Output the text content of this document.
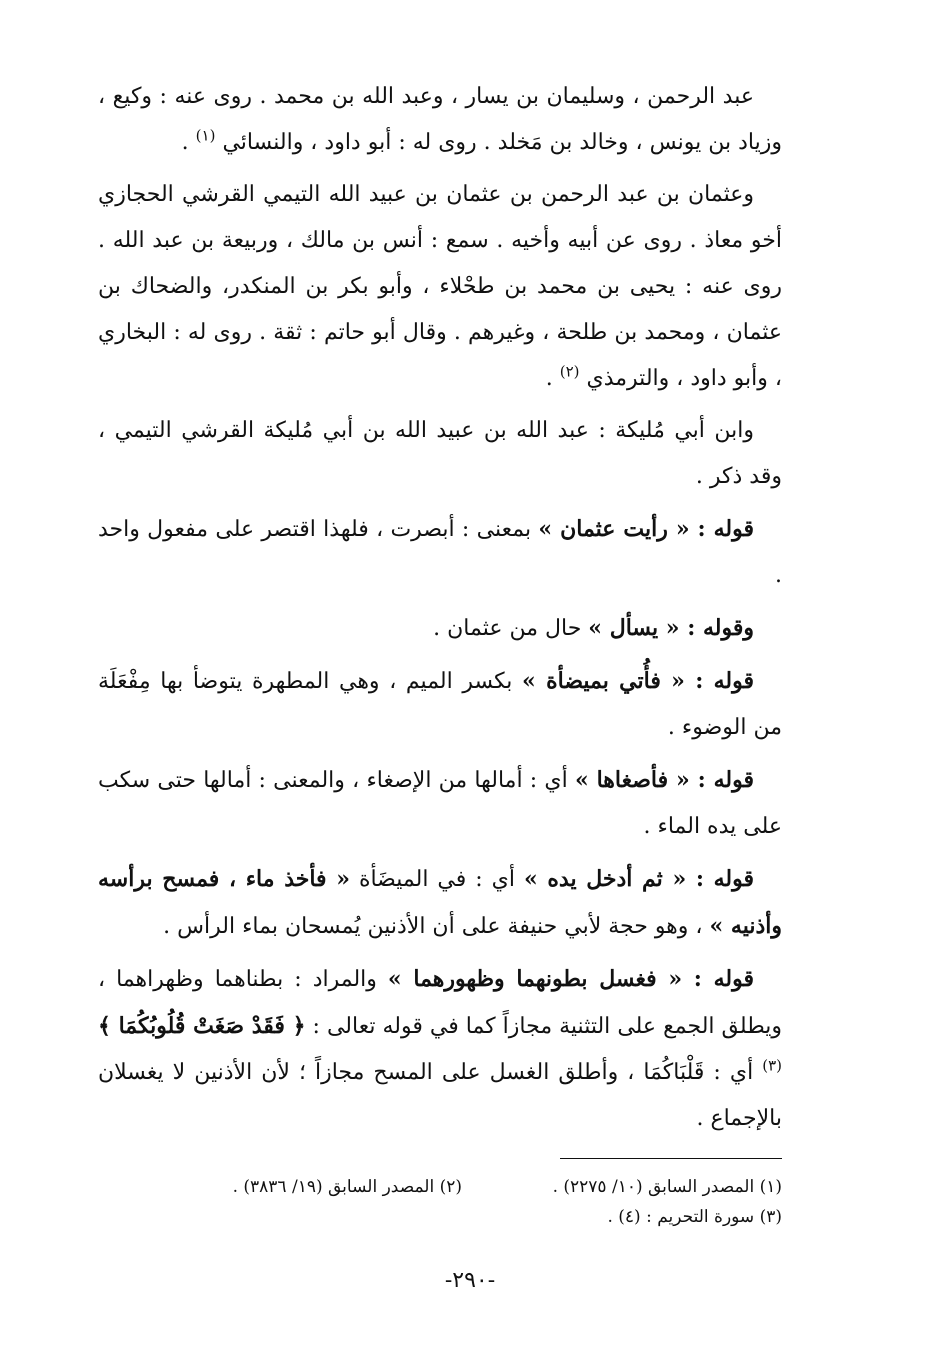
عبد الرحمن ، وسليمان بن يسار ، وعبد الله بن محمد . روى عنه : وكيع ، وزياد بن يونس ، وخالد بن مَخلد . روى له : أبو داود ، والنسائي $^{(١)}$ .

وعثمان بن عبد الرحمن بن عثمان بن عبيد الله التيمي القرشي الحجازي أخو معاذ . روى عن أبيه وأخيه . سمع : أنس بن مالك ، وربيعة بن عبد الله . روى عنه : يحيى بن محمد بن طحْلاء ، وأبو بكر بن المنكدر، والضحاك بن عثمان ، ومحمد بن طلحة ، وغيرهم . وقال أبو حاتم : ثقة . روى له : البخاري ، وأبو داود ، والترمذي $^{(٢)}$ .

وابن أبي مُليكة : عبد الله بن عبيد الله بن أبي مُليكة القرشي التيمي ، وقد ذكر .

قوله : « رأيت عثمان » بمعنى : أبصرت ، فلهذا اقتصر على مفعول واحد .

وقوله : « يسأل » حال من عثمان .

قوله : « فأُتي بميضأة » بكسر الميم ، وهي المطهرة يتوضأ بها مِفْعَلَة من الوضوء .

قوله : « فأصغاها » أي : أمالها من الإصغاء ، والمعنى : أمالها حتى سكب على يده الماء .

قوله : « ثم أدخل يده » أي : في الميضَأة « فأخذ ماء ، فمسح برأسه وأذنيه » ، وهو حجة لأبي حنيفة على أن الأذنين يُمسحان بماء الرأس .

قوله : « فغسل بطونهما وظهورهما » والمراد : بطناهما وظهراهما ، ويطلق الجمع على التثنية مجازاً كما في قوله تعالى : ﴿ فَقَدْ صَغَتْ قُلُوبُكُمَا ﴾ $^{(٣)}$ أي : قَلْبَاكُمَا ، وأطلق الغسل على المسح مجازاً ؛ لأن الأذنين لا يغسلان بالإجماع .

(١) المصدر السابق (١٠/ ٢٢٧٥) .
(٢) المصدر السابق (١٩/ ٣٨٣٦) .
(٣) سورة التحريم : (٤) .
-٢٩٠-
